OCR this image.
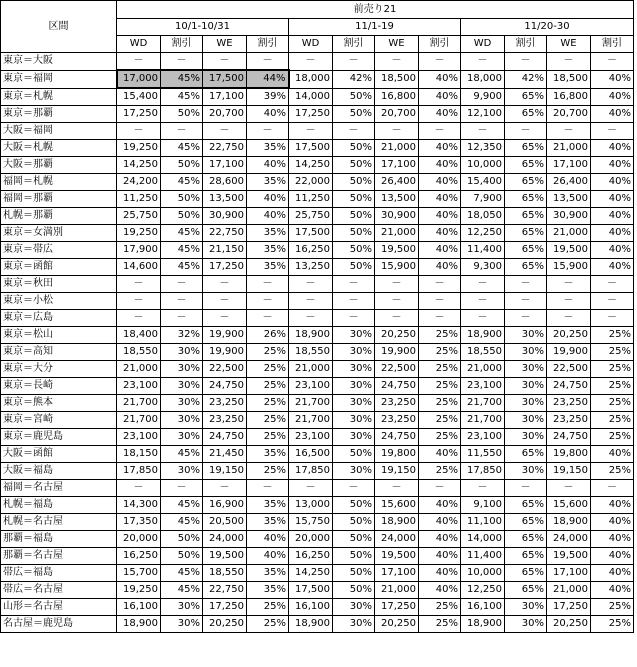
区間	前売り21											
	10/1-10/31				11/1-19				11/20-30			
	WD	割引	WE	割引	WD	割引	WE	割引	WD	割引	WE	割引
東京＝大阪	－	－	－	－	－	－	－	－	－	－	－	－
東京＝福岡	17,000	45%	17,500	44%	18,000	42%	18,500	40%	18,000	42%	18,500	40%
東京＝札幌	15,400	45%	17,100	39%	14,000	50%	16,800	40%	9,900	65%	16,800	40%
東京＝那覇	17,250	50%	20,700	40%	17,250	50%	20,700	40%	12,100	65%	20,700	40%
大阪＝福岡	－	－	－	－	－	－	－	－	－	－	－	－
大阪＝札幌	19,250	45%	22,750	35%	17,500	50%	21,000	40%	12,350	65%	21,000	40%
大阪＝那覇	14,250	50%	17,100	40%	14,250	50%	17,100	40%	10,000	65%	17,100	40%
福岡＝札幌	24,200	45%	28,600	35%	22,000	50%	26,400	40%	15,400	65%	26,400	40%
福岡＝那覇	11,250	50%	13,500	40%	11,250	50%	13,500	40%	7,900	65%	13,500	40%
札幌＝那覇	25,750	50%	30,900	40%	25,750	50%	30,900	40%	18,050	65%	30,900	40%
東京＝女満別	19,250	45%	22,750	35%	17,500	50%	21,000	40%	12,250	65%	21,000	40%
東京＝帯広	17,900	45%	21,150	35%	16,250	50%	19,500	40%	11,400	65%	19,500	40%
東京＝函館	14,600	45%	17,250	35%	13,250	50%	15,900	40%	9,300	65%	15,900	40%
東京＝秋田	－	－	－	－	－	－	－	－	－	－	－	－
東京＝小松	－	－	－	－	－	－	－	－	－	－	－	－
東京＝広島	－	－	－	－	－	－	－	－	－	－	－	－
東京＝松山	18,400	32%	19,900	26%	18,900	30%	20,250	25%	18,900	30%	20,250	25%
東京＝高知	18,550	30%	19,900	25%	18,550	30%	19,900	25%	18,550	30%	19,900	25%
東京＝大分	21,000	30%	22,500	25%	21,000	30%	22,500	25%	21,000	30%	22,500	25%
東京＝長崎	23,100	30%	24,750	25%	23,100	30%	24,750	25%	23,100	30%	24,750	25%
東京＝熊本	21,700	30%	23,250	25%	21,700	30%	23,250	25%	21,700	30%	23,250	25%
東京＝宮崎	21,700	30%	23,250	25%	21,700	30%	23,250	25%	21,700	30%	23,250	25%
東京＝鹿児島	23,100	30%	24,750	25%	23,100	30%	24,750	25%	23,100	30%	24,750	25%
大阪＝函館	18,150	45%	21,450	35%	16,500	50%	19,800	40%	11,550	65%	19,800	40%
大阪＝福島	17,850	30%	19,150	25%	17,850	30%	19,150	25%	17,850	30%	19,150	25%
福岡＝名古屋	－	－	－	－	－	－	－	－	－	－	－	－
札幌＝福島	14,300	45%	16,900	35%	13,000	50%	15,600	40%	9,100	65%	15,600	40%
札幌＝名古屋	17,350	45%	20,500	35%	15,750	50%	18,900	40%	11,100	65%	18,900	40%
那覇＝福島	20,000	50%	24,000	40%	20,000	50%	24,000	40%	14,000	65%	24,000	40%
那覇＝名古屋	16,250	50%	19,500	40%	16,250	50%	19,500	40%	11,400	65%	19,500	40%
帯広＝福島	15,700	45%	18,550	35%	14,250	50%	17,100	40%	10,000	65%	17,100	40%
帯広＝名古屋	19,250	45%	22,750	35%	17,500	50%	21,000	40%	12,250	65%	21,000	40%
山形＝名古屋	16,100	30%	17,250	25%	16,100	30%	17,250	25%	16,100	30%	17,250	25%
名古屋＝鹿児島	18,900	30%	20,250	25%	18,900	30%	20,250	25%	18,900	30%	20,250	25%
